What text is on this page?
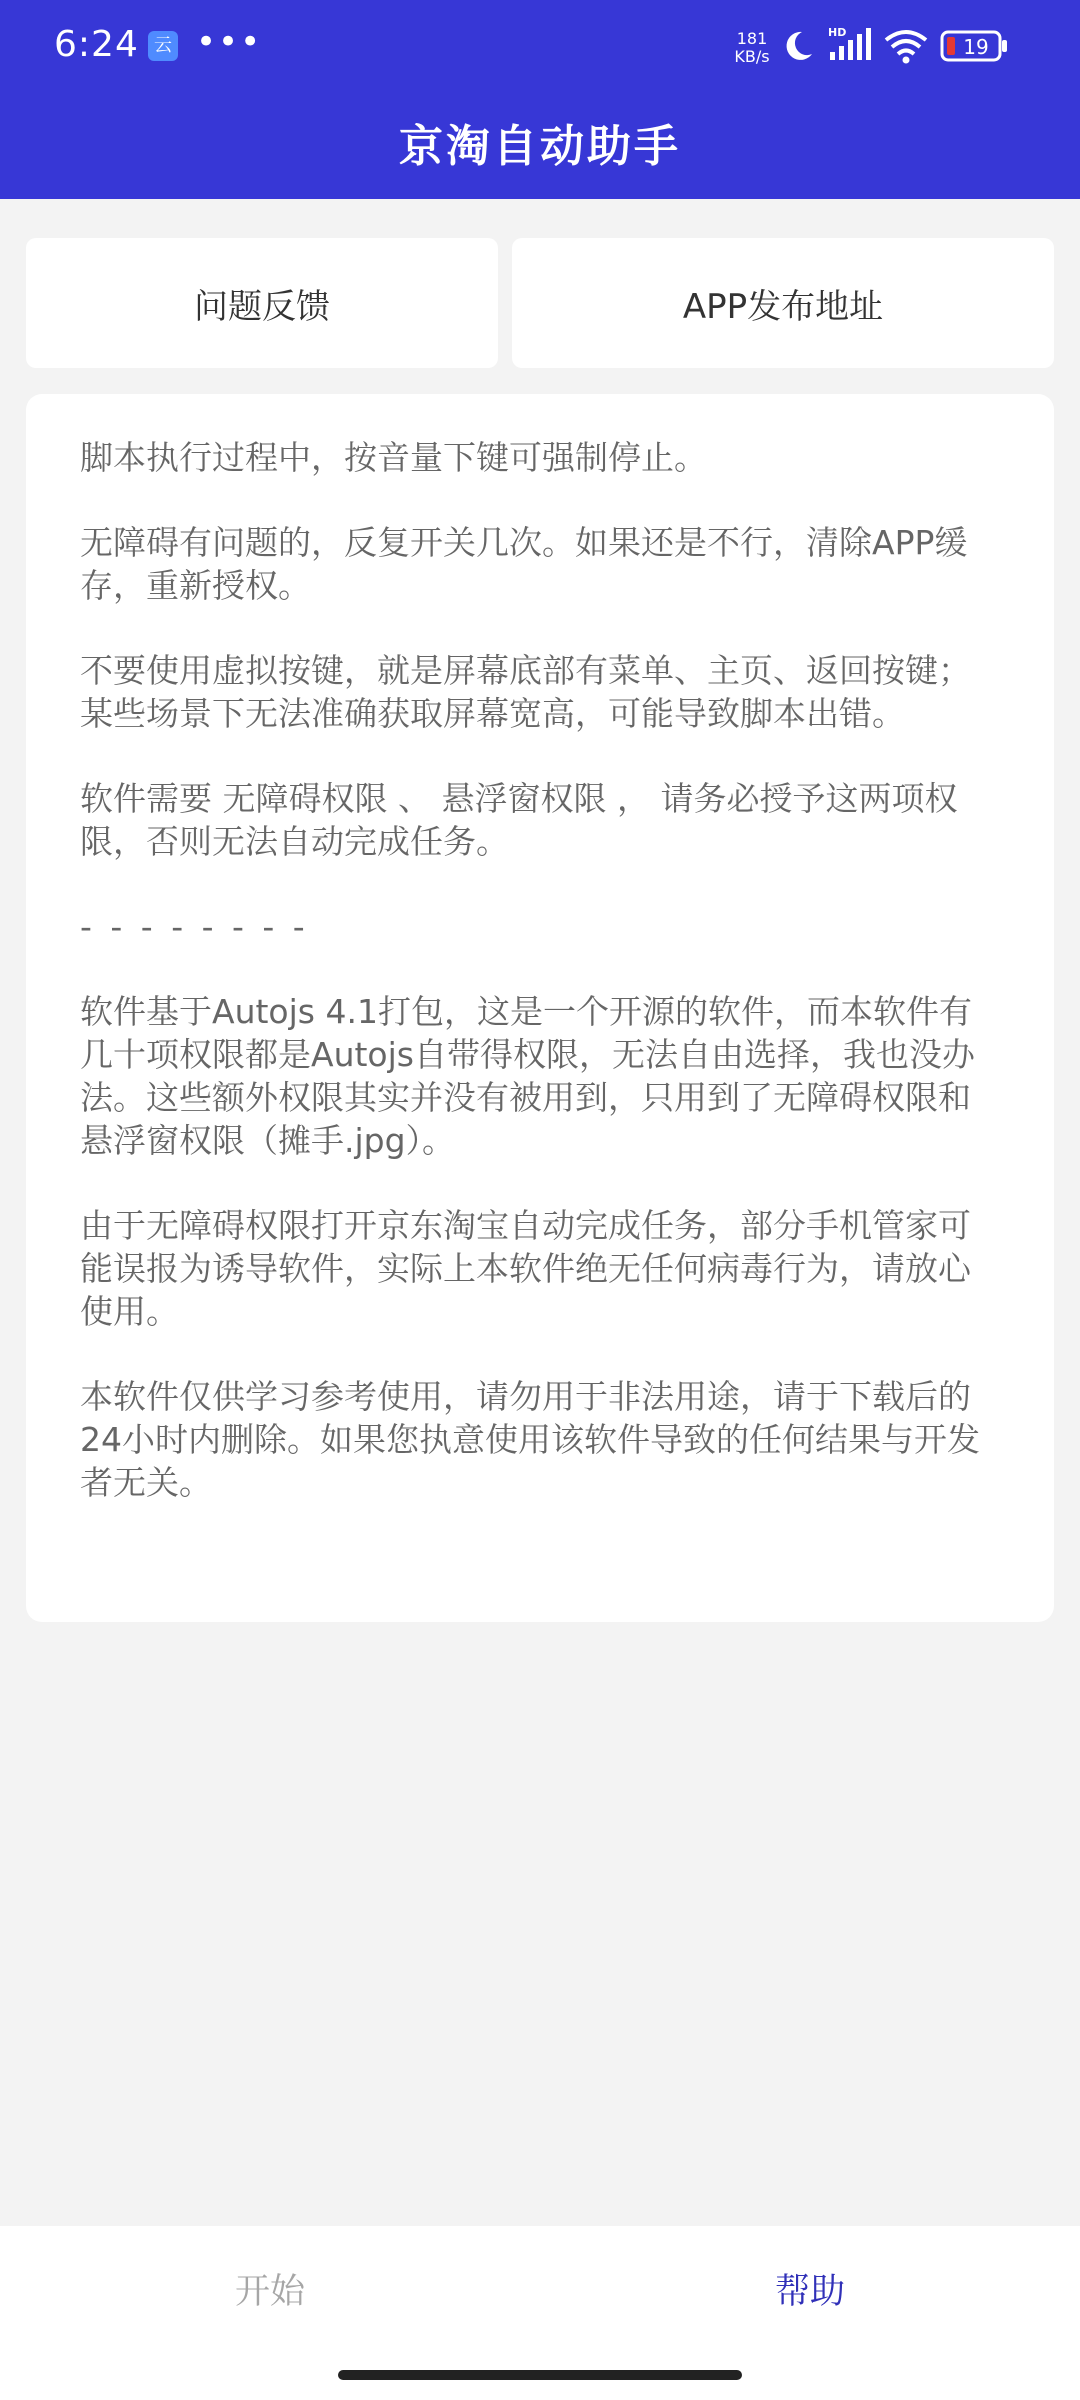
6:24 云 •••	181
KB/s
HD
19
京淘自动助手
问题反馈	APP发布地址

脚本执行过程中，按音量下键可强制停止。

无障碍有问题的，反复开关几次。如果还是不行，清除APP缓存，重新授权。

不要使用虚拟按键，就是屏幕底部有菜单、主页、返回按键；某些场景下无法准确获取屏幕宽高，可能导致脚本出错。

软件需要 无障碍权限 、 悬浮窗权限 ， 请务必授予这两项权限，否则无法自动完成任务。

- - - - - - - -

软件基于Autojs 4.1打包，这是一个开源的软件，而本软件有几十项权限都是Autojs自带得权限，无法自由选择，我也没办法。这些额外权限其实并没有被用到，只用到了无障碍权限和悬浮窗权限（摊手.jpg）。

由于无障碍权限打开京东淘宝自动完成任务，部分手机管家可能误报为诱导软件，实际上本软件绝无任何病毒行为，请放心使用。

本软件仅供学习参考使用，请勿用于非法用途，请于下载后的24小时内删除。如果您执意使用该软件导致的任何结果与开发者无关。

开始	帮助
